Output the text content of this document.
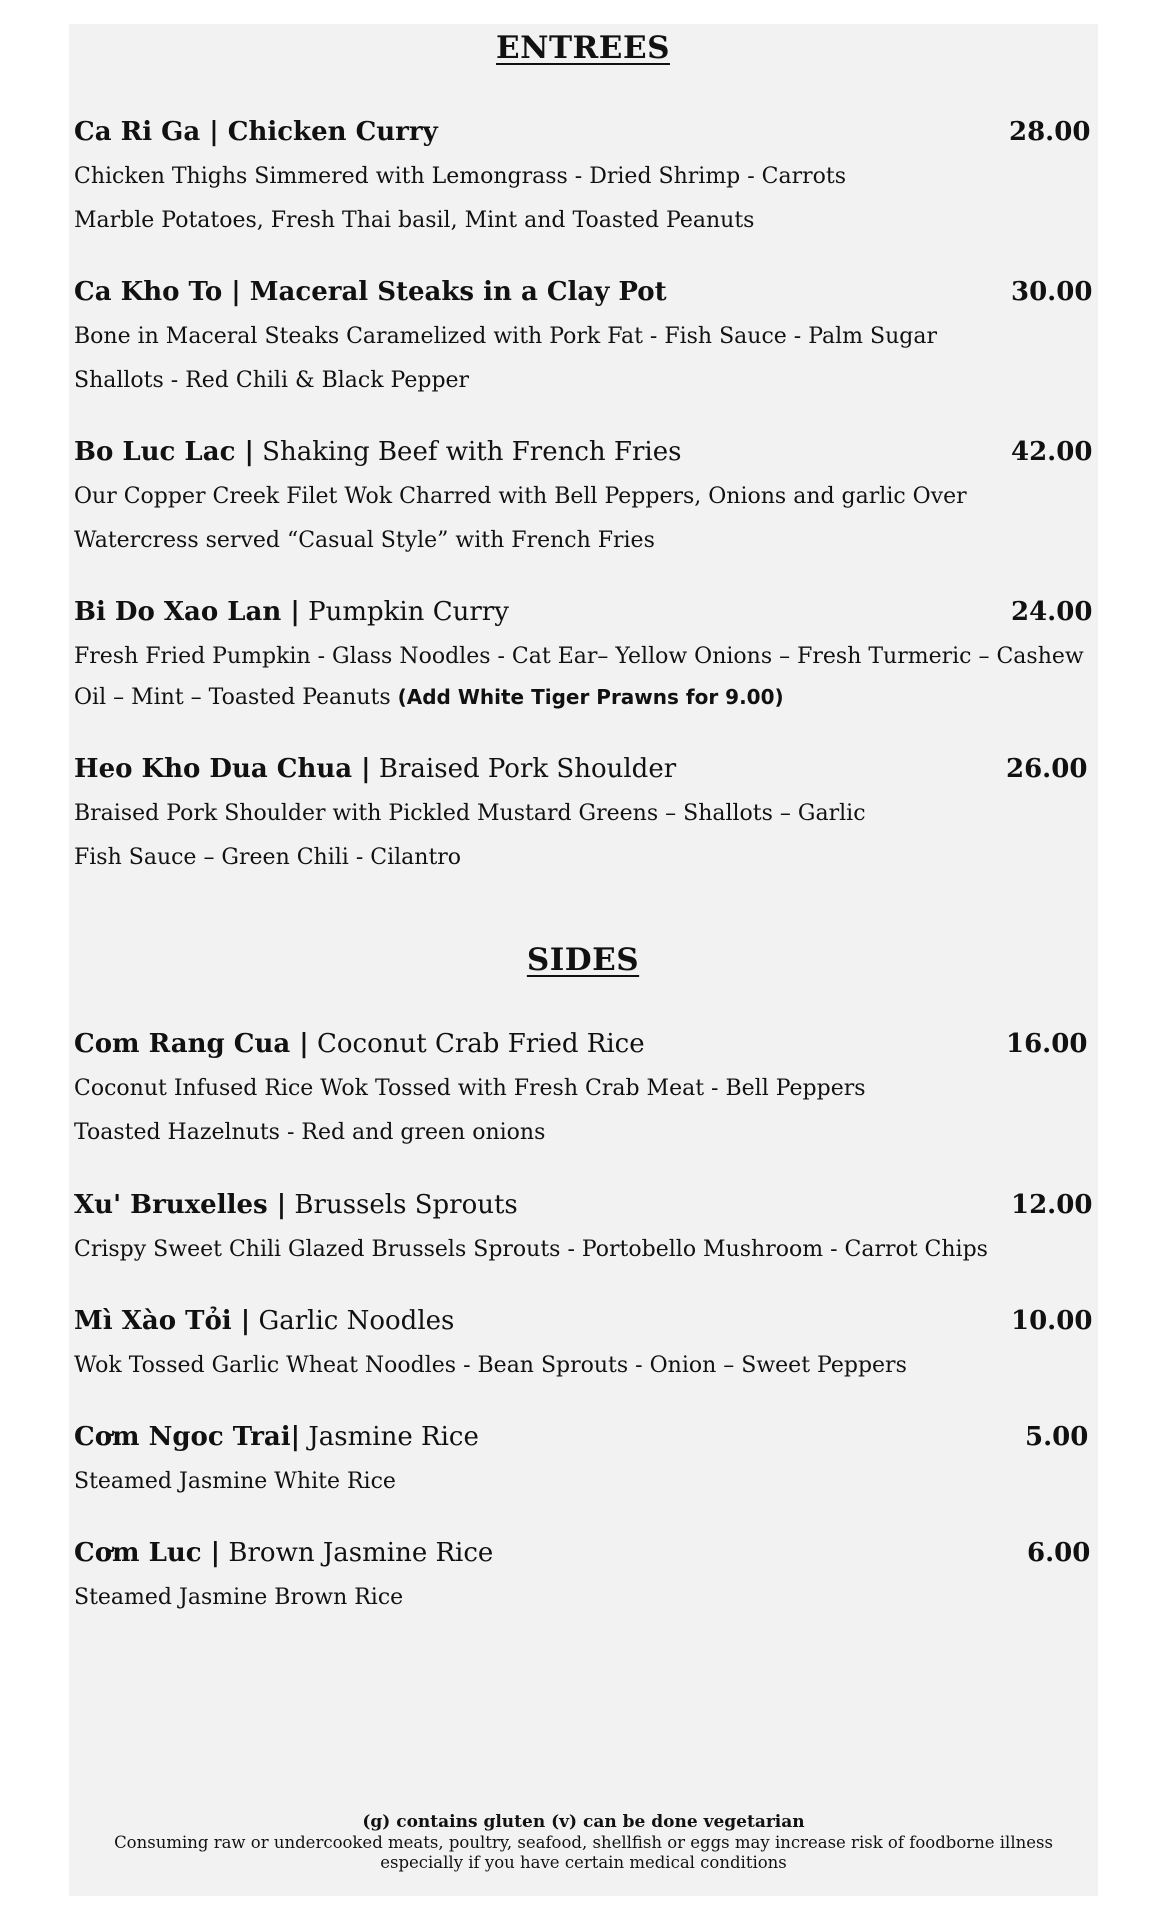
ENTREES
Ca Ri Ga | Chicken Curry	28.00
Chicken Thighs Simmered with Lemongrass - Dried Shrimp - Carrots
Marble Potatoes, Fresh Thai basil, Mint and Toasted Peanuts
Ca Kho To | Maceral Steaks in a Clay Pot	30.00
Bone in Maceral Steaks Caramelized with Pork Fat - Fish Sauce - Palm Sugar
Shallots - Red Chili & Black Pepper
Bo Luc Lac | Shaking Beef with French Fries	42.00
Our Copper Creek Filet Wok Charred with Bell Peppers, Onions and garlic Over
Watercress served “Casual Style” with French Fries
Bi Do Xao Lan | Pumpkin Curry	24.00
Fresh Fried Pumpkin - Glass Noodles - Cat Ear– Yellow Onions – Fresh Turmeric – Cashew
Oil – Mint – Toasted Peanuts (Add White Tiger Prawns for 9.00)
Heo Kho Dua Chua | Braised Pork Shoulder	26.00
Braised Pork Shoulder with Pickled Mustard Greens – Shallots – Garlic
Fish Sauce – Green Chili - Cilantro
SIDES
Com Rang Cua | Coconut Crab Fried Rice	16.00
Coconut Infused Rice Wok Tossed with Fresh Crab Meat - Bell Peppers
Toasted Hazelnuts - Red and green onions
Xu' Bruxelles | Brussels Sprouts	12.00
Crispy Sweet Chili Glazed Brussels Sprouts - Portobello Mushroom - Carrot Chips
Mì Xào Tỏi | Garlic Noodles	10.00
Wok Tossed Garlic Wheat Noodles - Bean Sprouts - Onion – Sweet Peppers
Cơm Ngoc Trai| Jasmine Rice	5.00
Steamed Jasmine White Rice
Cơm Luc | Brown Jasmine Rice	6.00
Steamed Jasmine Brown Rice
(g) contains gluten (v) can be done vegetarian
Consuming raw or undercooked meats, poultry, seafood, shellfish or eggs may increase risk of foodborne illness
especially if you have certain medical conditions
